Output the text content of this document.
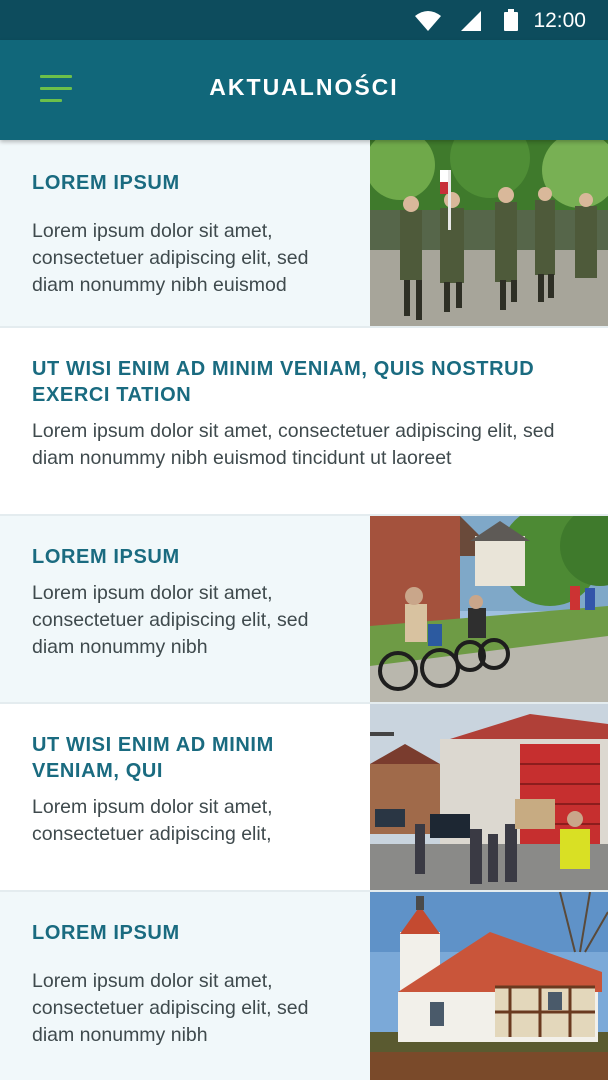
12:00
AKTUALNOŚCI
LOREM IPSUM
Lorem ipsum dolor sit amet, consectetuer adipiscing elit, sed diam nonummy nibh euismod
UT WISI ENIM AD MINIM VENIAM, QUIS NOSTRUD EXERCI TATION
Lorem ipsum dolor sit amet, consectetuer adipiscing elit, sed diam nonummy nibh euismod tincidunt ut laoreet
LOREM IPSUM
Lorem ipsum dolor sit amet, consectetuer adipiscing elit, sed diam nonummy nibh
UT WISI ENIM AD MINIM VENIAM, QUI
Lorem ipsum dolor sit amet, consectetuer adipiscing elit,
LOREM IPSUM
Lorem ipsum dolor sit amet, consectetuer adipiscing elit, sed diam nonummy nibh
